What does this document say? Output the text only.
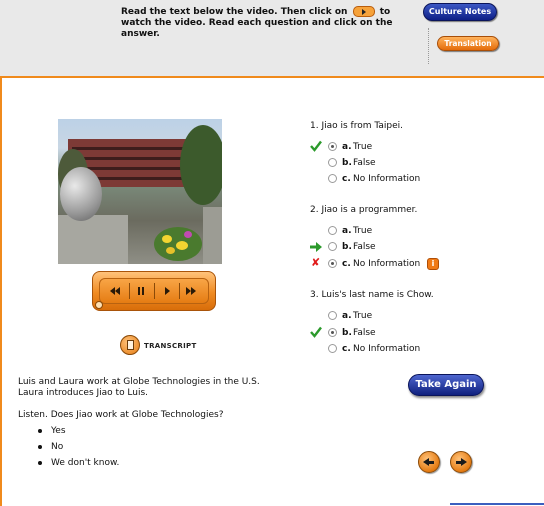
Read the text below the video. Then click on	to watch the video. Read each question and click on the answer.
Culture Notes
Translation
TRANSCRIPT
1. Jiao is from Taipei.
a. True
b. False
c. No Information
2. Jiao is a programmer.
a. True
b. False
✘ c. No Information	i
3. Luis's last name is Chow.
a. True
b. False
c. No Information
Luis and Laura work at Globe Technologies in the U.S.
Laura introduces Jiao to Luis.
Listen. Does Jiao work at Globe Technologies?
Yes
No
We don't know.
Take Again
